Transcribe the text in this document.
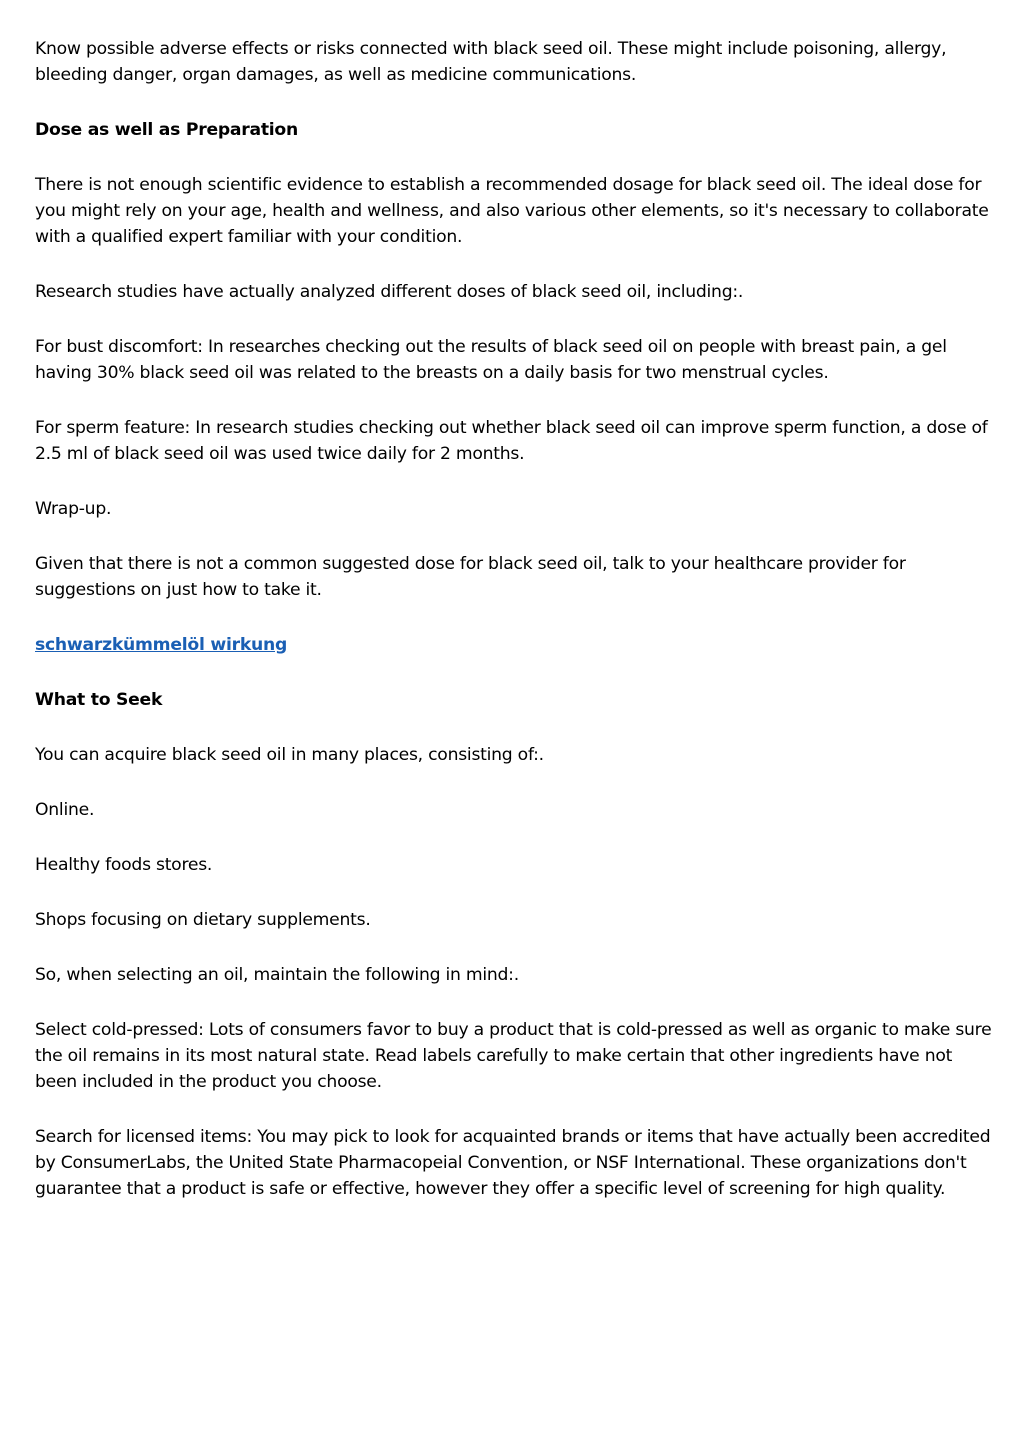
Know possible adverse effects or risks connected with black seed oil. These might include poisoning, allergy, bleeding danger, organ damages, as well as medicine communications.

Dose as well as Preparation

There is not enough scientific evidence to establish a recommended dosage for black seed oil. The ideal dose for you might rely on your age, health and wellness, and also various other elements, so it's necessary to collaborate with a qualified expert familiar with your condition.

Research studies have actually analyzed different doses of black seed oil, including:.

For bust discomfort: In researches checking out the results of black seed oil on people with breast pain, a gel having 30% black seed oil was related to the breasts on a daily basis for two menstrual cycles.

For sperm feature: In research studies checking out whether black seed oil can improve sperm function, a dose of 2.5 ml of black seed oil was used twice daily for 2 months.

Wrap-up.

Given that there is not a common suggested dose for black seed oil, talk to your healthcare provider for suggestions on just how to take it.

schwarzkümmelöl wirkung

What to Seek

You can acquire black seed oil in many places, consisting of:.

Online.

Healthy foods stores.

Shops focusing on dietary supplements.

So, when selecting an oil, maintain the following in mind:.

Select cold-pressed: Lots of consumers favor to buy a product that is cold-pressed as well as organic to make sure the oil remains in its most natural state. Read labels carefully to make certain that other ingredients have not been included in the product you choose.

Search for licensed items: You may pick to look for acquainted brands or items that have actually been accredited by ConsumerLabs, the United State Pharmacopeial Convention, or NSF International. These organizations don't guarantee that a product is safe or effective, however they offer a specific level of screening for high quality.
